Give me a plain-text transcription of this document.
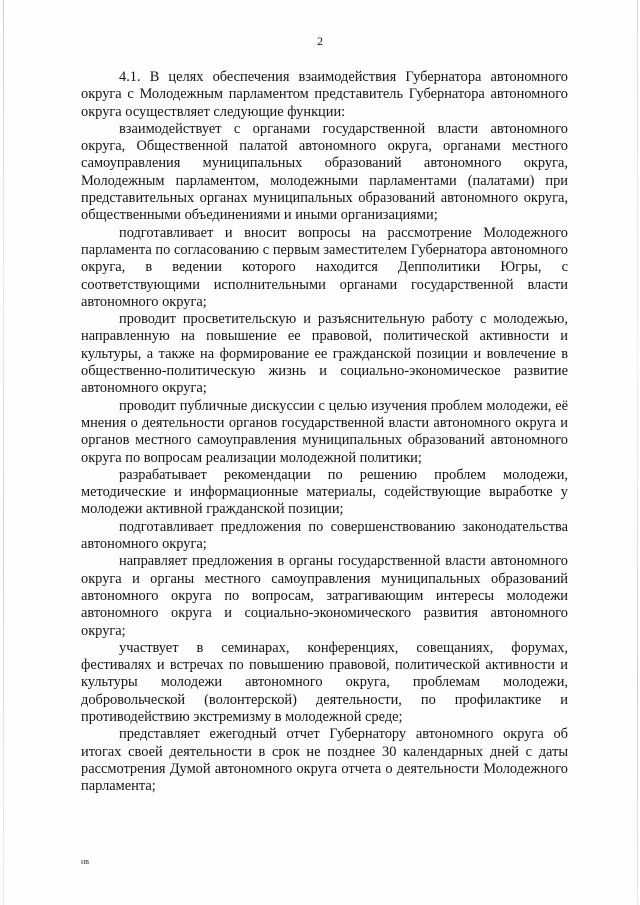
2

4.1. В целях обеспечения взаимодействия Губернатора автономного округа с Молодежным парламентом представитель Губернатора автономного округа осуществляет следующие функции:

взаимодействует с органами государственной власти автономного округа, Общественной палатой автономного округа, органами местного самоуправления муниципальных образований автономного округа, Молодежным парламентом, молодежными парламентами (палатами) при представительных органах муниципальных образований автономного округа, общественными объединениями и иными организациями;

подготавливает и вносит вопросы на рассмотрение Молодежного парламента по согласованию с первым заместителем Губернатора автономного округа, в ведении которого находится Депполитики Югры, с соответствующими исполнительными органами государственной власти автономного округа;

проводит просветительскую и разъяснительную работу с молодежью, направленную на повышение ее правовой, политической активности и культуры, а также на формирование ее гражданской позиции и вовлечение в общественно-политическую жизнь и социально-экономическое развитие автономного округа;

проводит публичные дискуссии с целью изучения проблем молодежи, её мнения о деятельности органов государственной власти автономного округа и органов местного самоуправления муниципальных образований автономного округа по вопросам реализации молодежной политики;

разрабатывает рекомендации по решению проблем молодежи, методические и информационные материалы, содействующие выработке у молодежи активной гражданской позиции;

подготавливает предложения по совершенствованию законодательства автономного округа;

направляет предложения в органы государственной власти автономного округа и органы местного самоуправления муниципальных образований автономного округа по вопросам, затрагивающим интересы молодежи автономного округа и социально-экономического развития автономного округа;

участвует в семинарах, конференциях, совещаниях, форумах, фестивалях и встречах по повышению правовой, политической активности и культуры молодежи автономного округа, проблемам молодежи, добровольческой (волонтерской) деятельности, по профилактике и противодействию экстремизму в молодежной среде;

представляет ежегодный отчет Губернатору автономного округа об итогах своей деятельности в срок не позднее 30 календарных дней с даты рассмотрения Думой автономного округа отчета о деятельности Молодежного парламента;

нв
